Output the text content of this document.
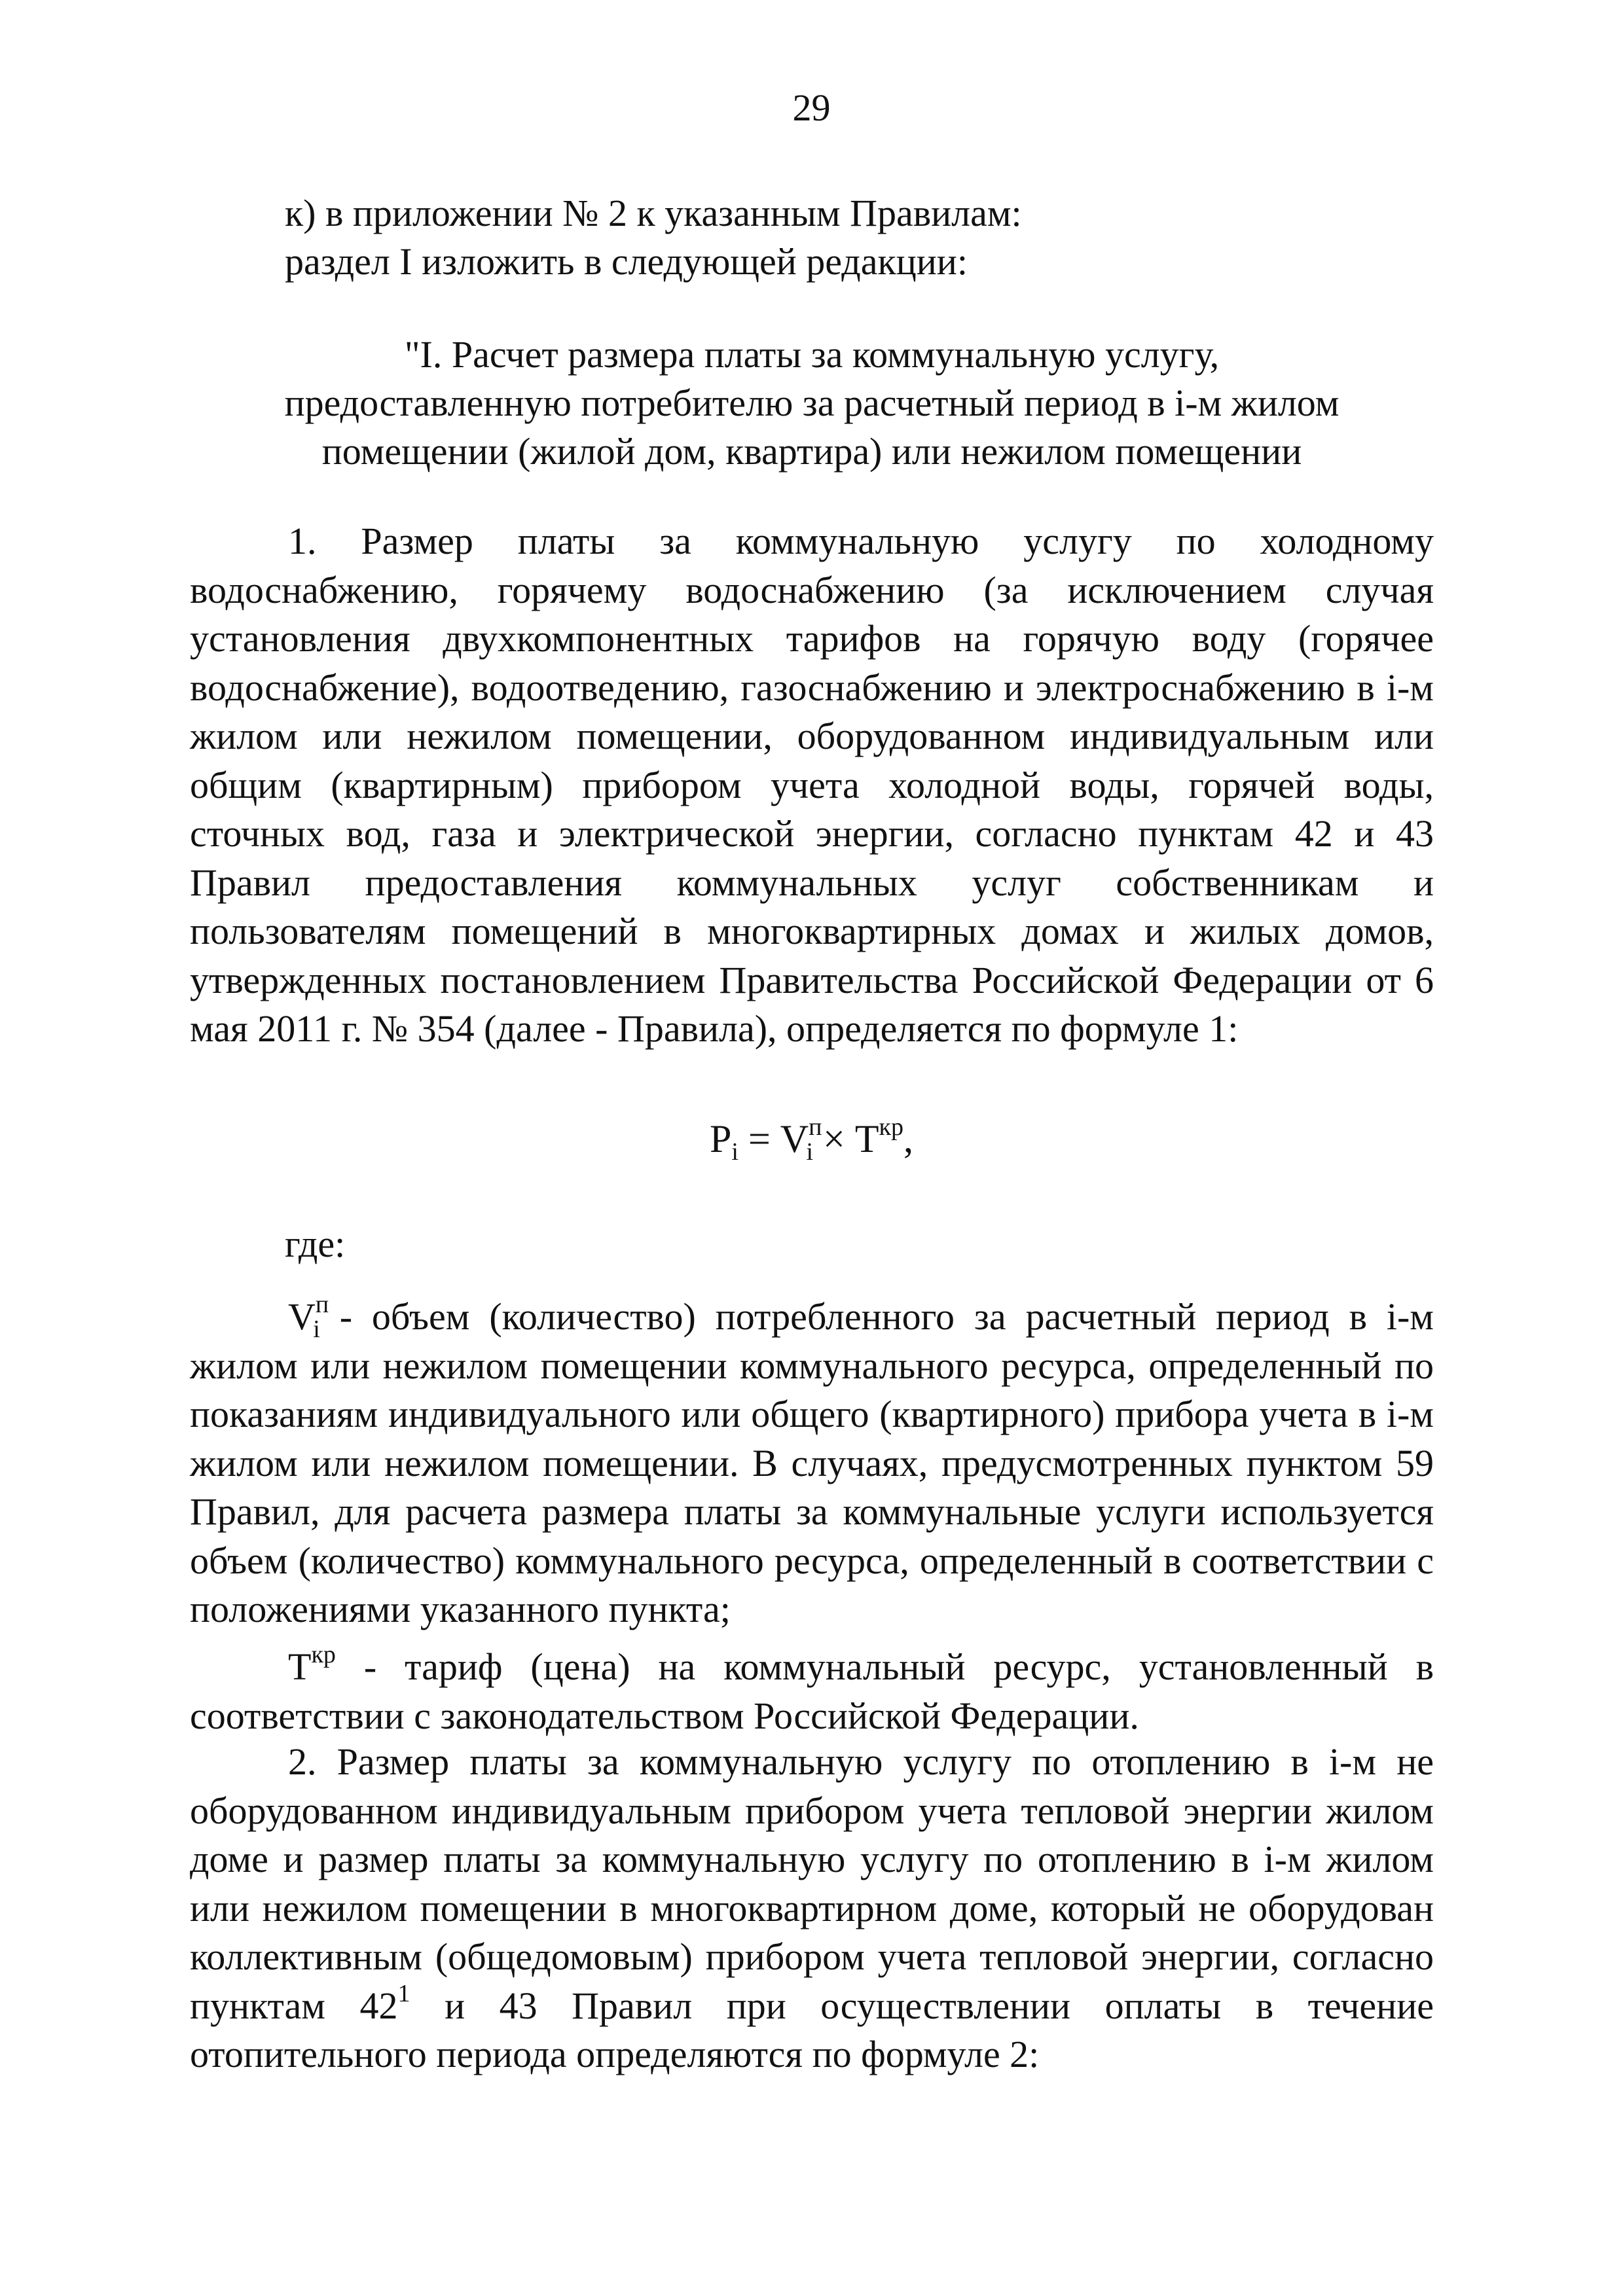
29
к) в приложении № 2 к указанным Правилам:
раздел I изложить в следующей редакции:
"I. Расчет размера платы за коммунальную услугу,
предоставленную потребителю за расчетный период в i-м жилом
помещении (жилой дом, квартира) или нежилом помещении
1. Размер платы за коммунальную услугу по холодному водоснабжению, горячему водоснабжению (за исключением случая установления двухкомпонентных тарифов на горячую воду (горячее водоснабжение), водоотведению, газоснабжению и электроснабжению в i-м жилом или нежилом помещении, оборудованном индивидуальным или общим (квартирным) прибором учета холодной воды, горячей воды, сточных вод, газа и электрической энергии, согласно пунктам 42 и 43 Правил предоставления коммунальных услуг собственникам и пользователям помещений в многоквартирных домах и жилых домов, утвержденных постановлением Правительства Российской Федерации от 6 мая 2011 г. № 354 (далее - Правила), определяется по формуле 1:
$P_i = V^п_i \times T^{кр}$,
где:
$V^п_i$ - объем (количество) потребленного за расчетный период в i-м жилом или нежилом помещении коммунального ресурса, определенный по показаниям индивидуального или общего (квартирного) прибора учета в i-м жилом или нежилом помещении. В случаях, предусмотренных пунктом 59 Правил, для расчета размера платы за коммунальные услуги используется объем (количество) коммунального ресурса, определенный в соответствии с положениями указанного пункта;
$T^{кр}$ - тариф (цена) на коммунальный ресурс, установленный в соответствии с законодательством Российской Федерации.
2. Размер платы за коммунальную услугу по отоплению в i-м не оборудованном индивидуальным прибором учета тепловой энергии жилом доме и размер платы за коммунальную услугу по отоплению в i-м жилом или нежилом помещении в многоквартирном доме, который не оборудован коллективным (общедомовым) прибором учета тепловой энергии, согласно пунктам $42^1$ и 43 Правил при осуществлении оплаты в течение отопительного периода определяются по формуле 2:
